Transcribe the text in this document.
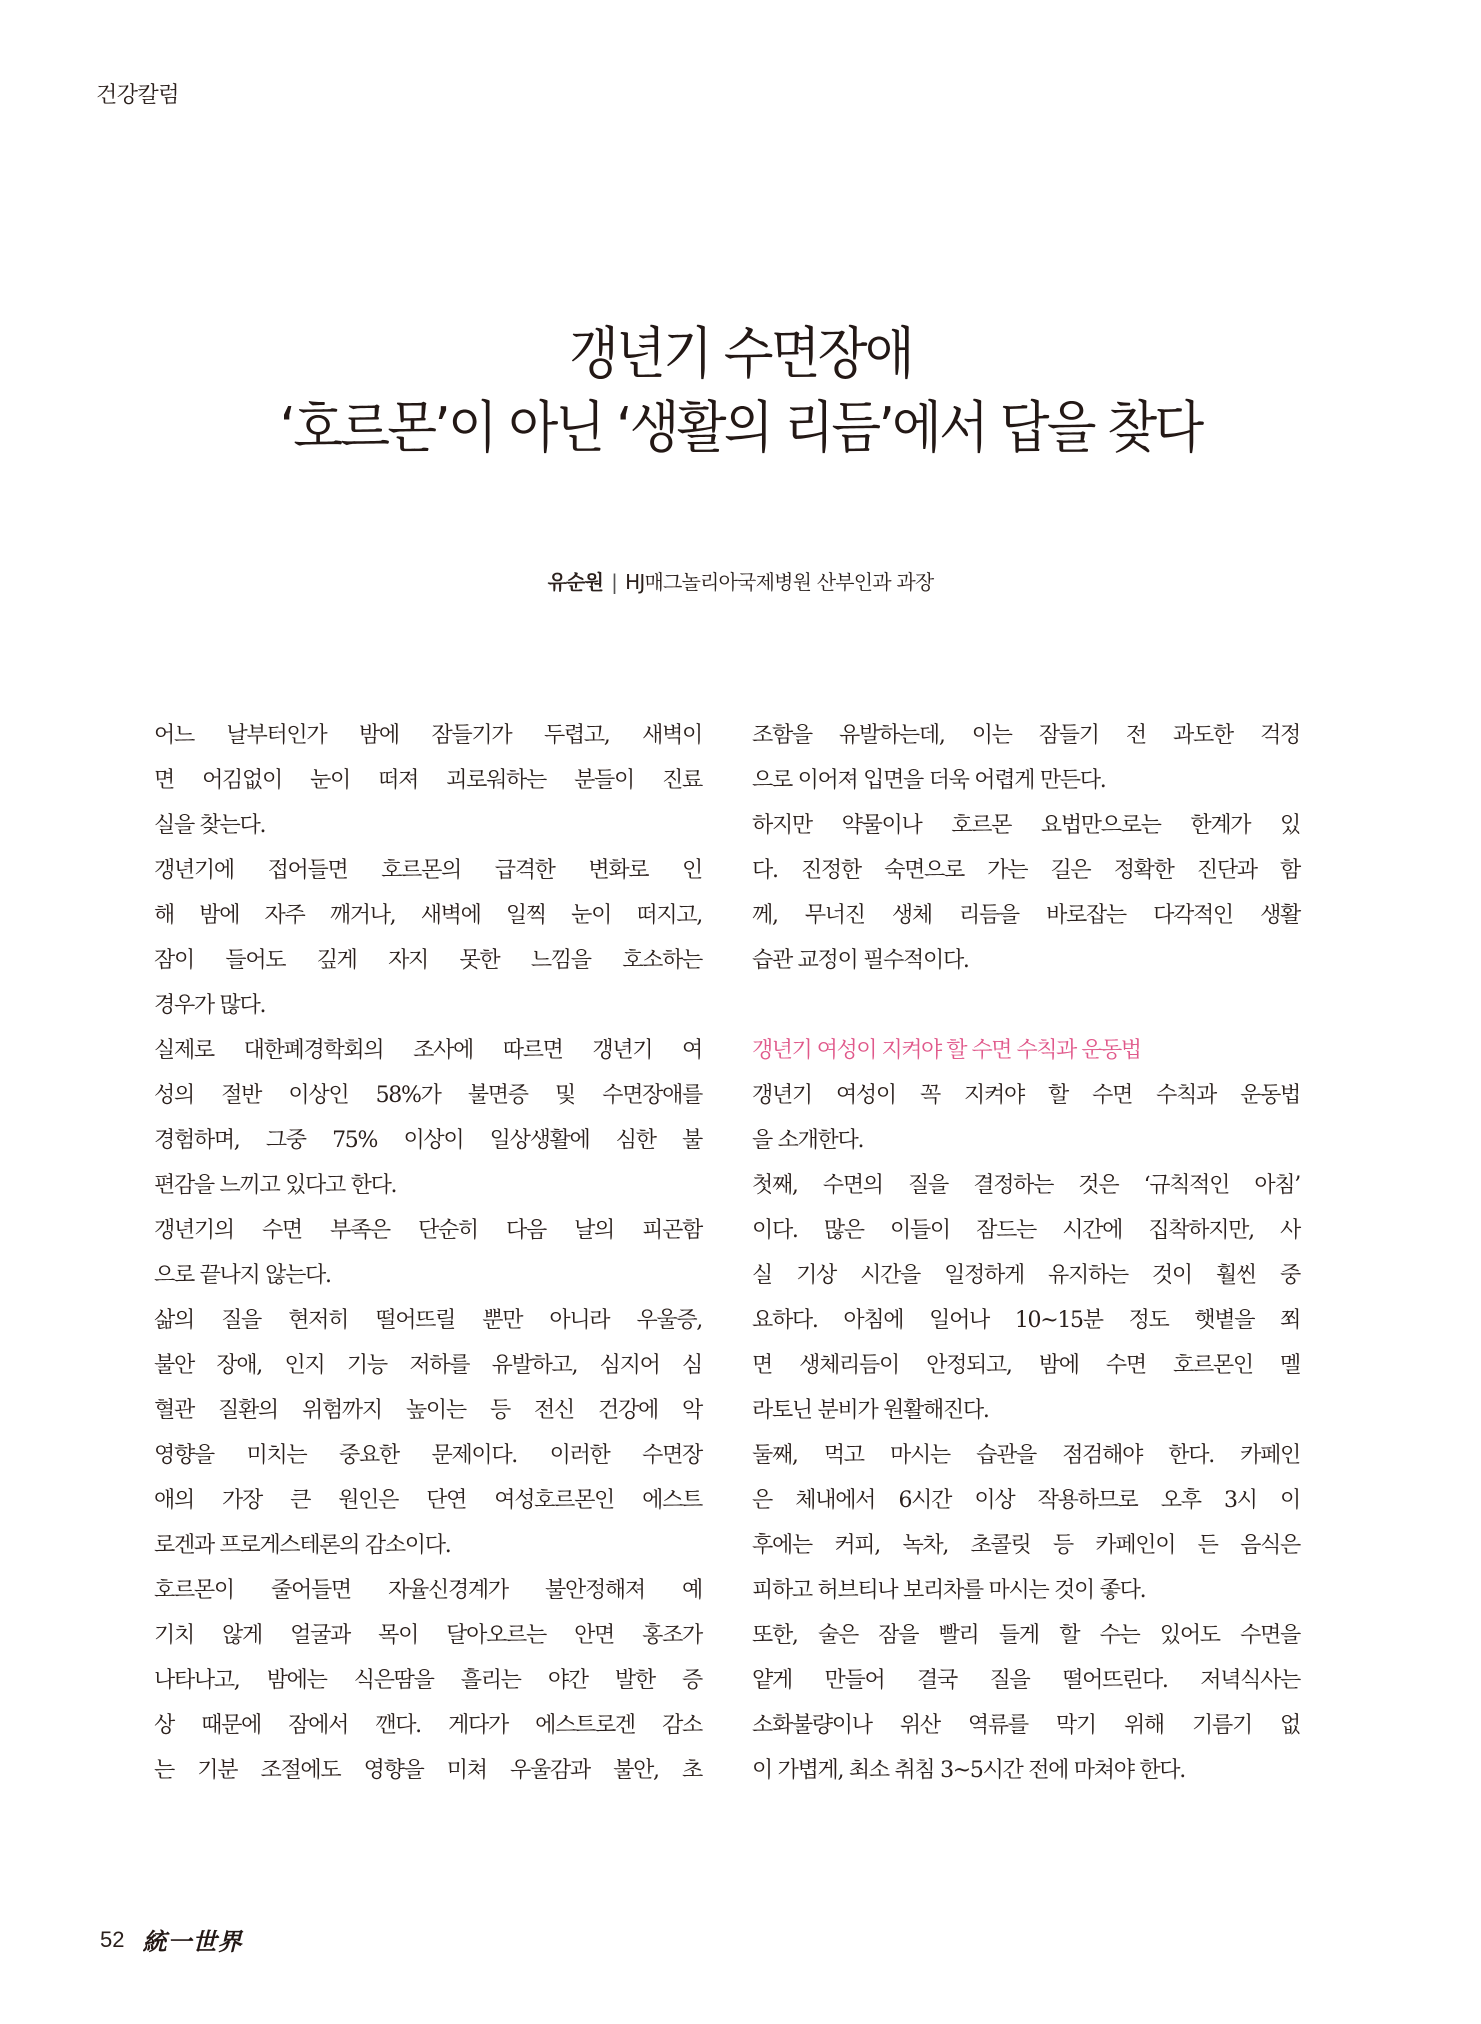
건강칼럼
갱년기 수면장애
‘호르몬’이 아닌 ‘생활의 리듬’에서 답을 찾다
유순원 | HJ매그놀리아국제병원 산부인과 과장
어느 날부터인가 밤에 잠들기가 두렵고, 새벽이
면 어김없이 눈이 떠져 괴로워하는 분들이 진료
실을 찾는다.
갱년기에 접어들면 호르몬의 급격한 변화로 인
해 밤에 자주 깨거나, 새벽에 일찍 눈이 떠지고,
잠이 들어도 깊게 자지 못한 느낌을 호소하는
경우가 많다.
실제로 대한폐경학회의 조사에 따르면 갱년기 여
성의 절반 이상인 58%가 불면증 및 수면장애를
경험하며, 그중 75% 이상이 일상생활에 심한 불
편감을 느끼고 있다고 한다.
갱년기의 수면 부족은 단순히 다음 날의 피곤함
으로 끝나지 않는다.
삶의 질을 현저히 떨어뜨릴 뿐만 아니라 우울증,
불안 장애, 인지 기능 저하를 유발하고, 심지어 심
혈관 질환의 위험까지 높이는 등 전신 건강에 악
영향을 미치는 중요한 문제이다. 이러한 수면장
애의 가장 큰 원인은 단연 여성호르몬인 에스트
로겐과 프로게스테론의 감소이다.
호르몬이 줄어들면 자율신경계가 불안정해져 예
기치 않게 얼굴과 목이 달아오르는 안면 홍조가
나타나고, 밤에는 식은땀을 흘리는 야간 발한 증
상 때문에 잠에서 깬다. 게다가 에스트로겐 감소
는 기분 조절에도 영향을 미쳐 우울감과 불안, 초
조함을 유발하는데, 이는 잠들기 전 과도한 걱정
으로 이어져 입면을 더욱 어렵게 만든다.
하지만 약물이나 호르몬 요법만으로는 한계가 있
다. 진정한 숙면으로 가는 길은 정확한 진단과 함
께, 무너진 생체 리듬을 바로잡는 다각적인 생활
습관 교정이 필수적이다.
갱년기 여성이 지켜야 할 수면 수칙과 운동법
갱년기 여성이 꼭 지켜야 할 수면 수칙과 운동법
을 소개한다.
첫째, 수면의 질을 결정하는 것은 ‘규칙적인 아침’
이다. 많은 이들이 잠드는 시간에 집착하지만, 사
실 기상 시간을 일정하게 유지하는 것이 훨씬 중
요하다. 아침에 일어나 10~15분 정도 햇볕을 쬐
면 생체리듬이 안정되고, 밤에 수면 호르몬인 멜
라토닌 분비가 원활해진다.
둘째, 먹고 마시는 습관을 점검해야 한다. 카페인
은 체내에서 6시간 이상 작용하므로 오후 3시 이
후에는 커피, 녹차, 초콜릿 등 카페인이 든 음식은
피하고 허브티나 보리차를 마시는 것이 좋다.
또한, 술은 잠을 빨리 들게 할 수는 있어도 수면을
얕게 만들어 결국 질을 떨어뜨린다. 저녁식사는
소화불량이나 위산 역류를 막기 위해 기름기 없
이 가볍게, 최소 취침 3~5시간 전에 마쳐야 한다.
52 統一世界
